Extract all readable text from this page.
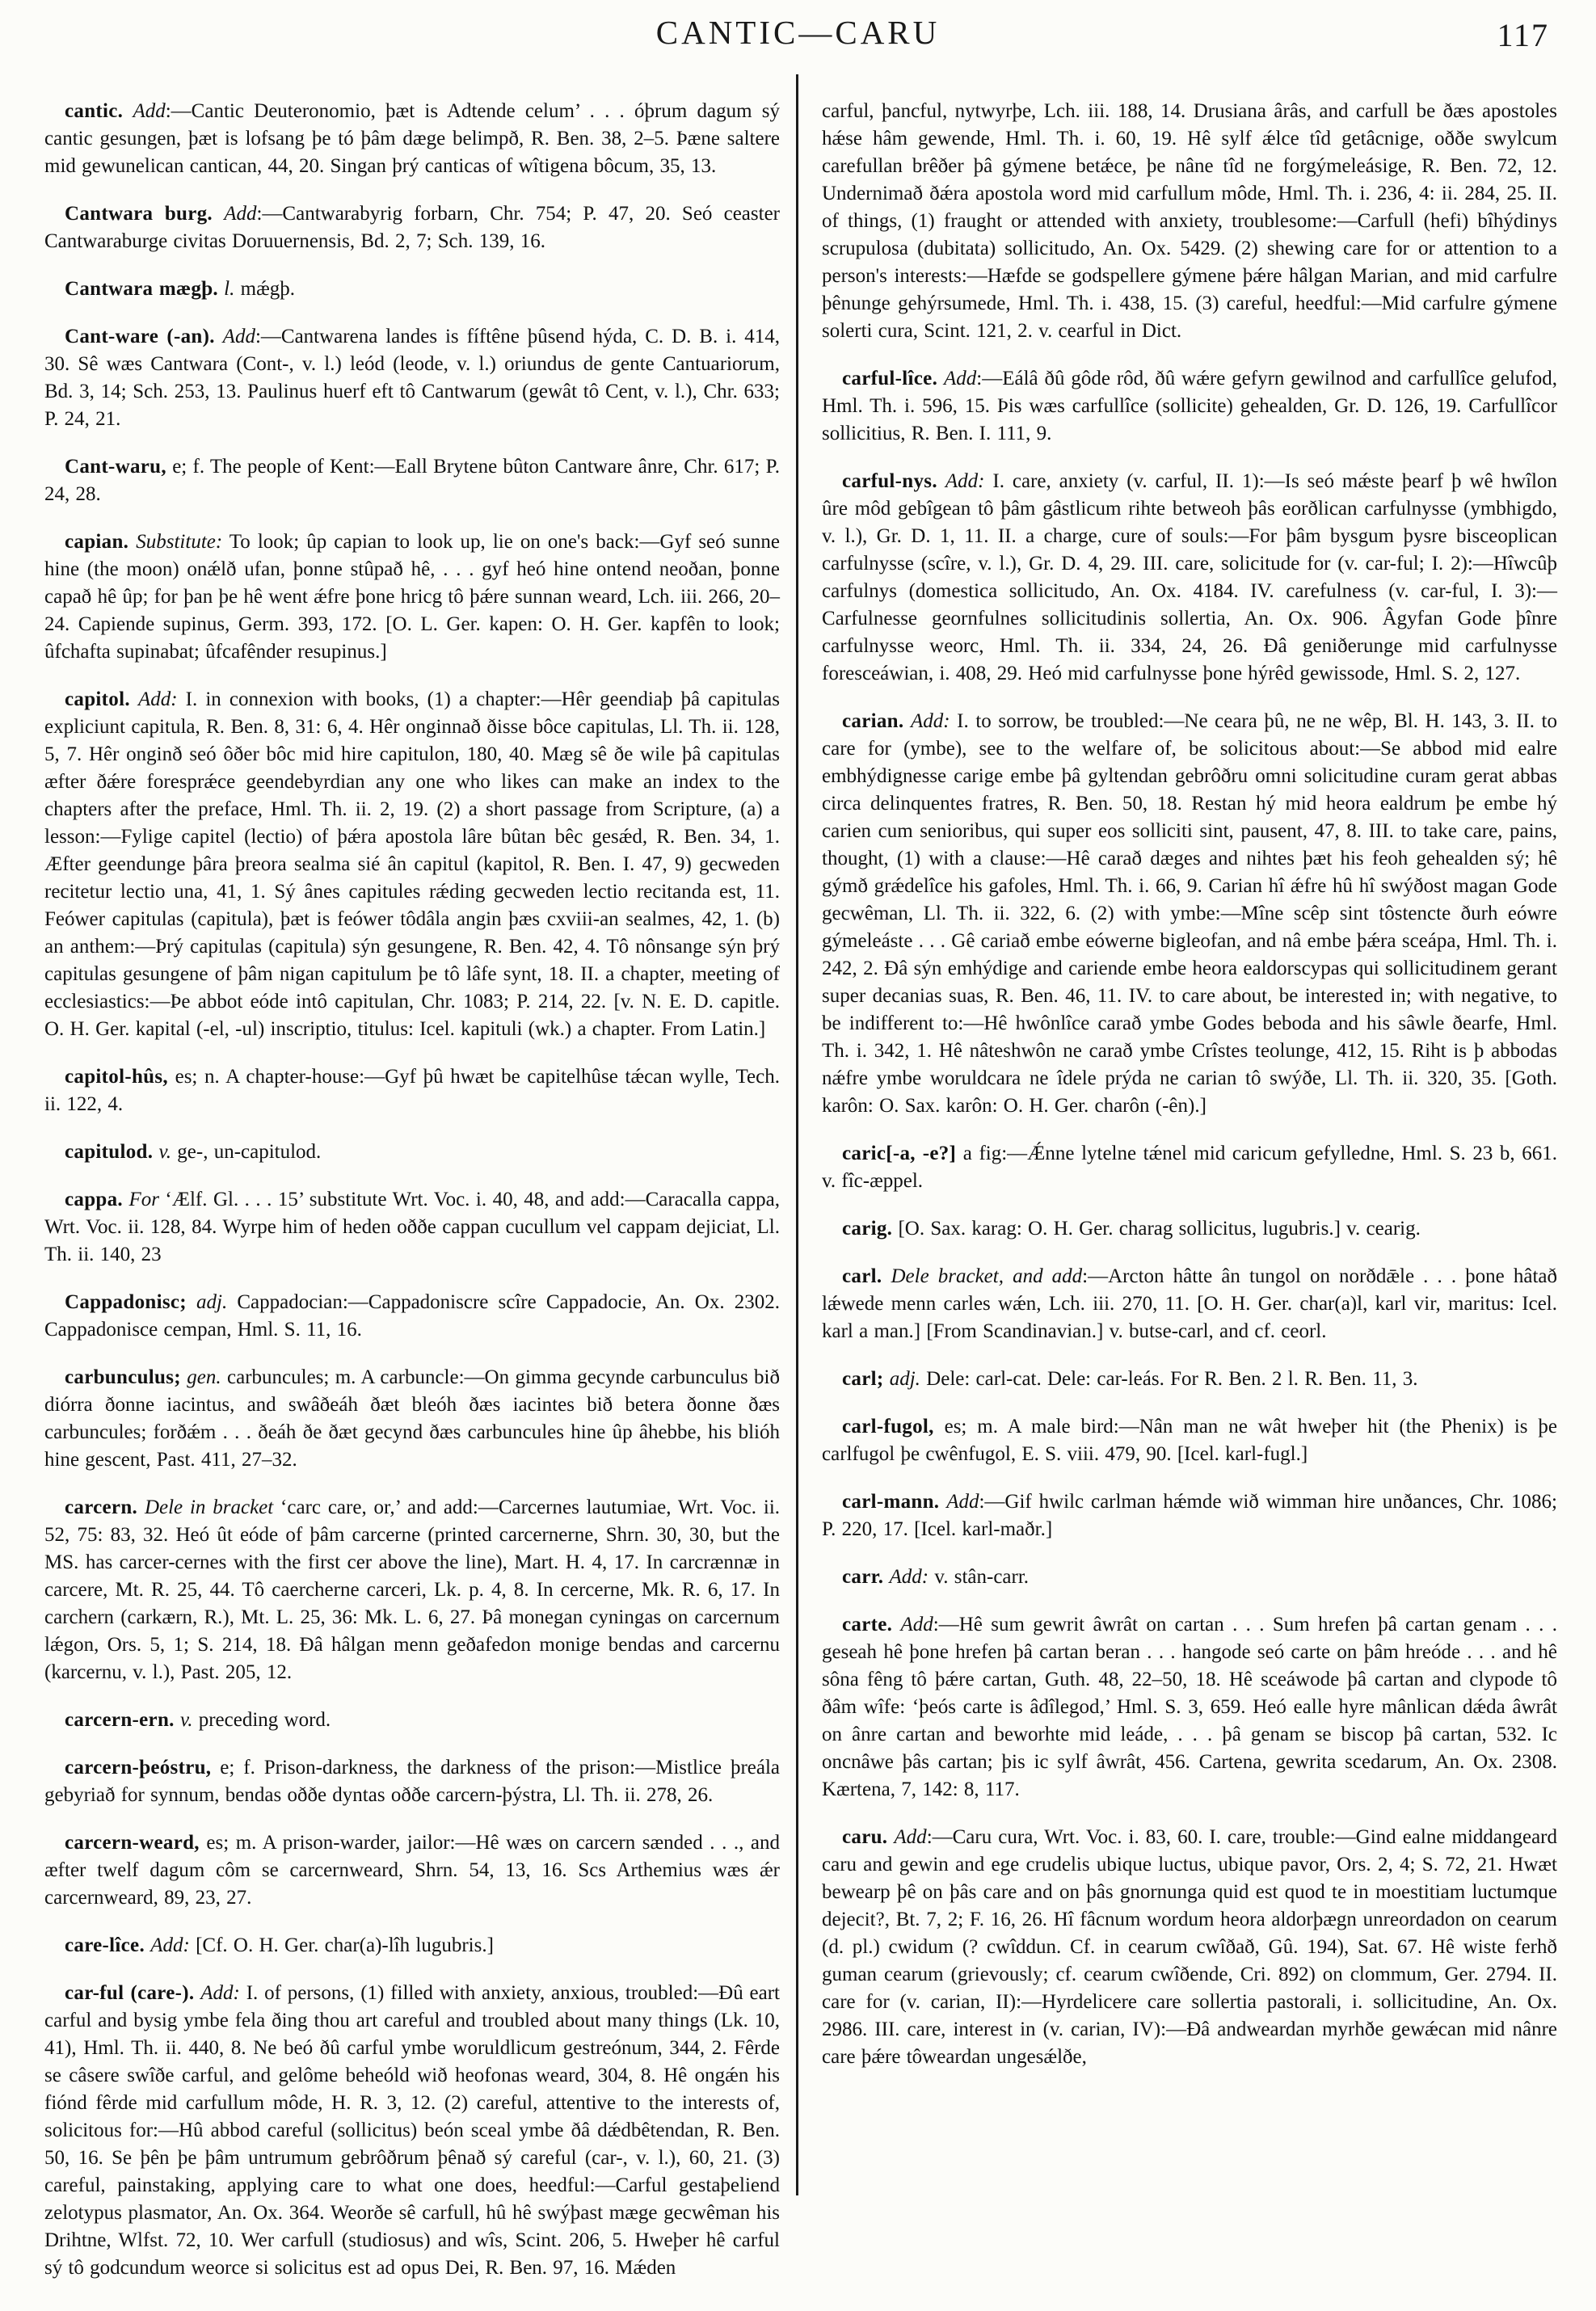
CANTIC—CARU	117

cantic. Add:—Cantic Deuteronomio, þæt is Adtende celum’ . . . óþrum dagum sý cantic gesungen, þæt is lofsang þe tó þâm dæge belimpð, R. Ben. 38, 2–5. Þæne saltere mid gewunelican cantican, 44, 20. Singan þrý canticas of wîtigena bôcum, 35, 13.

Cantwara burg. Add:—Cantwarabyrig forbarn, Chr. 754; P. 47, 20. Seó ceaster Cantwaraburge civitas Doruuernensis, Bd. 2, 7; Sch. 139, 16.

Cantwara mægþ. l. mǽgþ.

Cant-ware (-an). Add:—Cantwarena landes is fíftêne þûsend hýda, C. D. B. i. 414, 30. Sê wæs Cantwara (Cont-, v. l.) leód (leode, v. l.) oriundus de gente Cantuariorum, Bd. 3, 14; Sch. 253, 13. Paulinus huerf eft tô Cantwarum (gewât tô Cent, v. l.), Chr. 633; P. 24, 21.

Cant-waru, e; f. The people of Kent:—Eall Brytene bûton Cantware ânre, Chr. 617; P. 24, 28.

capian. Substitute: To look; ûp capian to look up, lie on one's back:—Gyf seó sunne hine (the moon) onǽlð ufan, þonne stûpað hê, . . . gyf heó hine ontend neoðan, þonne capað hê ûp; for þan þe hê went ǽfre þone hricg tô þǽre sunnan weard, Lch. iii. 266, 20–24. Capiende supinus, Germ. 393, 172. [O. L. Ger. kapen: O. H. Ger. kapfên to look; ûfchafta supinabat; ûfcafênder resupinus.]

capitol. Add: I. in connexion with books, (1) a chapter:—Hêr geendiaþ þâ capitulas expliciunt capitula, R. Ben. 8, 31: 6, 4. Hêr onginnað ðisse bôce capitulas, Ll. Th. ii. 128, 5, 7. Hêr onginð seó ôðer bôc mid hire capitulon, 180, 40. Mæg sê ðe wile þâ capitulas æfter ðǽre foresprǽce geendebyrdian any one who likes can make an index to the chapters after the preface, Hml. Th. ii. 2, 19. (2) a short passage from Scripture, (a) a lesson:—Fylige capitel (lectio) of þǽra apostola lâre bûtan bêc gesǽd, R. Ben. 34, 1. Æfter geendunge þâra þreora sealma sié ân capitul (kapitol, R. Ben. I. 47, 9) gecweden recitetur lectio una, 41, 1. Sý ânes capitules rǽding gecweden lectio recitanda est, 11. Feówer capitulas (capitula), þæt is feówer tôdâla angin þæs cxviii-an sealmes, 42, 1. (b) an anthem:—Þrý capitulas (capitula) sýn gesungene, R. Ben. 42, 4. Tô nônsange sýn þrý capitulas gesungene of þâm nigan capitulum þe tô lâfe synt, 18. II. a chapter, meeting of ecclesiastics:—Þe abbot eóde intô capitulan, Chr. 1083; P. 214, 22. [v. N. E. D. capitle. O. H. Ger. kapital (-el, -ul) inscriptio, titulus: Icel. kapituli (wk.) a chapter. From Latin.]

capitol-hûs, es; n. A chapter-house:—Gyf þû hwæt be capitelhûse tǽcan wylle, Tech. ii. 122, 4.

capitulod. v. ge-, un-capitulod.

cappa. For ‘Ælf. Gl. . . . 15’ substitute Wrt. Voc. i. 40, 48, and add:—Caracalla cappa, Wrt. Voc. ii. 128, 84. Wyrpe him of heden oððe cappan cucullum vel cappam dejiciat, Ll. Th. ii. 140, 23

Cappadonisc; adj. Cappadocian:—Cappadoniscre scîre Cappadocie, An. Ox. 2302. Cappadonisce cempan, Hml. S. 11, 16.

carbunculus; gen. carbuncules; m. A carbuncle:—On gimma gecynde carbunculus bið diórra ðonne iacintus, and swâðeáh ðæt bleóh ðæs iacintes bið betera ðonne ðæs carbuncules; forðǽm . . . ðeáh ðe ðæt gecynd ðæs carbuncules hine ûp âhebbe, his blióh hine gescent, Past. 411, 27–32.

carcern. Dele in bracket ‘carc care, or,’ and add:—Carcernes lautumiae, Wrt. Voc. ii. 52, 75: 83, 32. Heó ût eóde of þâm carcerne (printed carcernerne, Shrn. 30, 30, but the MS. has carcer-cernes with the first cer above the line), Mart. H. 4, 17. In carcrænnæ in carcere, Mt. R. 25, 44. Tô caercherne carceri, Lk. p. 4, 8. In cercerne, Mk. R. 6, 17. In carchern (carkærn, R.), Mt. L. 25, 36: Mk. L. 6, 27. Þâ monegan cyningas on carcernum lǽgon, Ors. 5, 1; S. 214, 18. Ðâ hâlgan menn geðafedon monige bendas and carcernu (karcernu, v. l.), Past. 205, 12.

carcern-ern. v. preceding word.

carcern-þeóstru, e; f. Prison-darkness, the darkness of the prison:—Mistlice þreála gebyriað for synnum, bendas oððe dyntas oððe carcern-þýstra, Ll. Th. ii. 278, 26.

carcern-weard, es; m. A prison-warder, jailor:—Hê wæs on carcern sænded . . ., and æfter twelf dagum côm se carcernweard, Shrn. 54, 13, 16. Scs Arthemius wæs ǽr carcernweard, 89, 23, 27.

care-lîce. Add: [Cf. O. H. Ger. char(a)-lîh lugubris.]

car-ful (care-). Add: I. of persons, (1) filled with anxiety, anxious, troubled:—Ðû eart carful and bysig ymbe fela ðing thou art careful and troubled about many things (Lk. 10, 41), Hml. Th. ii. 440, 8. Ne beó ðû carful ymbe woruldlicum gestreónum, 344, 2. Fêrde se câsere swîðe carful, and gelôme beheóld wið heofonas weard, 304, 8. Hê ongǽn his fiónd fêrde mid carfullum môde, H. R. 3, 12. (2) careful, attentive to the interests of, solicitous for:—Hû abbod careful (sollicitus) beón sceal ymbe ðâ dǽdbêtendan, R. Ben. 50, 16. Se þên þe þâm untrumum gebrôðrum þênað sý careful (car-, v. l.), 60, 21. (3) careful, painstaking, applying care to what one does, heedful:—Carful gestaþeliend zelotypus plasmator, An. Ox. 364. Weorðe sê carfull, hû hê swýþast mæge gecwêman his Drihtne, Wlfst. 72, 10. Wer carfull (studiosus) and wîs, Scint. 206, 5. Hweþer hê carful sý tô godcundum weorce si solicitus est ad opus Dei, R. Ben. 97, 16. Mǽden

carful, þancful, nytwyrþe, Lch. iii. 188, 14. Drusiana ârâs, and carfull be ðæs apostoles hǽse hâm gewende, Hml. Th. i. 60, 19. Hê sylf ǽlce tîd getâcnige, oððe swylcum carefullan brêðer þâ gýmene betǽce, þe nâne tîd ne forgýmeleásige, R. Ben. 72, 12. Undernimað ðǽra apostola word mid carfullum môde, Hml. Th. i. 236, 4: ii. 284, 25. II. of things, (1) fraught or attended with anxiety, troublesome:—Carfull (hefi) bîhýdinys scrupulosa (dubitata) sollicitudo, An. Ox. 5429. (2) shewing care for or attention to a person's interests:—Hæfde se godspellere gýmene þǽre hâlgan Marian, and mid carfulre þênunge gehýrsumede, Hml. Th. i. 438, 15. (3) careful, heedful:—Mid carfulre gýmene solerti cura, Scint. 121, 2. v. cearful in Dict.

carful-lîce. Add:—Eálâ ðû gôde rôd, ðû wǽre gefyrn gewilnod and carfullîce gelufod, Hml. Th. i. 596, 15. Þis wæs carfullîce (sollicite) gehealden, Gr. D. 126, 19. Carfullîcor sollicitius, R. Ben. I. 111, 9.

carful-nys. Add: I. care, anxiety (v. carful, II. 1):—Is seó mǽste þearf þ wê hwîlon ûre môd gebîgean tô þâm gâstlicum rihte betweoh þâs eorðlican carfulnysse (ymbhigdo, v. l.), Gr. D. 1, 11. II. a charge, cure of souls:—For þâm bysgum þysre bisceoplican carfulnysse (scîre, v. l.), Gr. D. 4, 29. III. care, solicitude for (v. car-ful; I. 2):—Hîwcûþ carfulnys (domestica sollicitudo, An. Ox. 4184. IV. carefulness (v. car-ful, I. 3):—Carfulnesse geornfulnes sollicitudinis sollertia, An. Ox. 906. Âgyfan Gode þînre carfulnysse weorc, Hml. Th. ii. 334, 24, 26. Ðâ geniðerunge mid carfulnysse foresceáwian, i. 408, 29. Heó mid carfulnysse þone hýrêd gewissode, Hml. S. 2, 127.

carian. Add: I. to sorrow, be troubled:—Ne ceara þû, ne ne wêp, Bl. H. 143, 3. II. to care for (ymbe), see to the welfare of, be solicitous about:—Se abbod mid ealre embhýdignesse carige embe þâ gyltendan gebrôðru omni solicitudine curam gerat abbas circa delinquentes fratres, R. Ben. 50, 18. Restan hý mid heora ealdrum þe embe hý carien cum senioribus, qui super eos solliciti sint, pausent, 47, 8. III. to take care, pains, thought, (1) with a clause:—Hê carað dæges and nihtes þæt his feoh gehealden sý; hê gýmð grǽdelîce his gafoles, Hml. Th. i. 66, 9. Carian hî ǽfre hû hî swýðost magan Gode gecwêman, Ll. Th. ii. 322, 6. (2) with ymbe:—Mîne scêp sint tôstencte ðurh eówre gýmeleáste . . . Gê cariað embe eówerne bigleofan, and nâ embe þǽra sceápa, Hml. Th. i. 242, 2. Ðâ sýn emhýdige and cariende embe heora ealdorscypas qui sollicitudinem gerant super decanias suas, R. Ben. 46, 11. IV. to care about, be interested in; with negative, to be indifferent to:—Hê hwônlîce carað ymbe Godes beboda and his sâwle ðearfe, Hml. Th. i. 342, 1. Hê nâteshwôn ne carað ymbe Crîstes teolunge, 412, 15. Riht is þ abbodas nǽfre ymbe woruldcara ne îdele prýda ne carian tô swýðe, Ll. Th. ii. 320, 35. [Goth. karôn: O. Sax. karôn: O. H. Ger. charôn (-ên).]

caric[-a, -e?] a fig:—Ǽnne lytelne tǽnel mid caricum gefylledne, Hml. S. 23 b, 661. v. fîc-æppel.

carig. [O. Sax. karag: O. H. Ger. charag sollicitus, lugubris.] v. cearig.

carl. Dele bracket, and add:—Arcton hâtte ân tungol on norðdǣle . . . þone hâtað lǽwede menn carles wǽn, Lch. iii. 270, 11. [O. H. Ger. char(a)l, karl vir, maritus: Icel. karl a man.] [From Scandinavian.] v. butse-carl, and cf. ceorl.

carl; adj. Dele: carl-cat. Dele: car-leás. For R. Ben. 2 l. R. Ben. 11, 3.

carl-fugol, es; m. A male bird:—Nân man ne wât hweþer hit (the Phenix) is þe carlfugol þe cwênfugol, E. S. viii. 479, 90. [Icel. karl-fugl.]

carl-mann. Add:—Gif hwilc carlman hǽmde wið wimman hire unðances, Chr. 1086; P. 220, 17. [Icel. karl-maðr.]

carr. Add: v. stân-carr.

carte. Add:—Hê sum gewrit âwrât on cartan . . . Sum hrefen þâ cartan genam . . . geseah hê þone hrefen þâ cartan beran . . . hangode seó carte on þâm hreóde . . . and hê sôna fêng tô þǽre cartan, Guth. 48, 22–50, 18. Hê sceáwode þâ cartan and clypode tô ðâm wîfe: ‘þeós carte is âdîlegod,’ Hml. S. 3, 659. Heó ealle hyre mânlican dǽda âwrât on ânre cartan and beworhte mid leáde, . . . þâ genam se biscop þâ cartan, 532. Ic oncnâwe þâs cartan; þis ic sylf âwrât, 456. Cartena, gewrita scedarum, An. Ox. 2308. Kærtena, 7, 142: 8, 117.

caru. Add:—Caru cura, Wrt. Voc. i. 83, 60. I. care, trouble:—Gind ealne middangeard caru and gewin and ege crudelis ubique luctus, ubique pavor, Ors. 2, 4; S. 72, 21. Hwæt bewearp þê on þâs care and on þâs gnornunga quid est quod te in moestitiam luctumque dejecit?, Bt. 7, 2; F. 16, 26. Hî fâcnum wordum heora aldorþægn unreordadon on cearum (d. pl.) cwidum (? cwîddun. Cf. in cearum cwîðað, Gû. 194), Sat. 67. Hê wiste ferhð guman cearum (grievously; cf. cearum cwîðende, Cri. 892) on clommum, Ger. 2794. II. care for (v. carian, II):—Hyrdelicere care sollertia pastorali, i. sollicitudine, An. Ox. 2986. III. care, interest in (v. carian, IV):—Ðâ andweardan myrhðe gewǽcan mid nânre care þǽre tôweardan ungesǽlðe,
